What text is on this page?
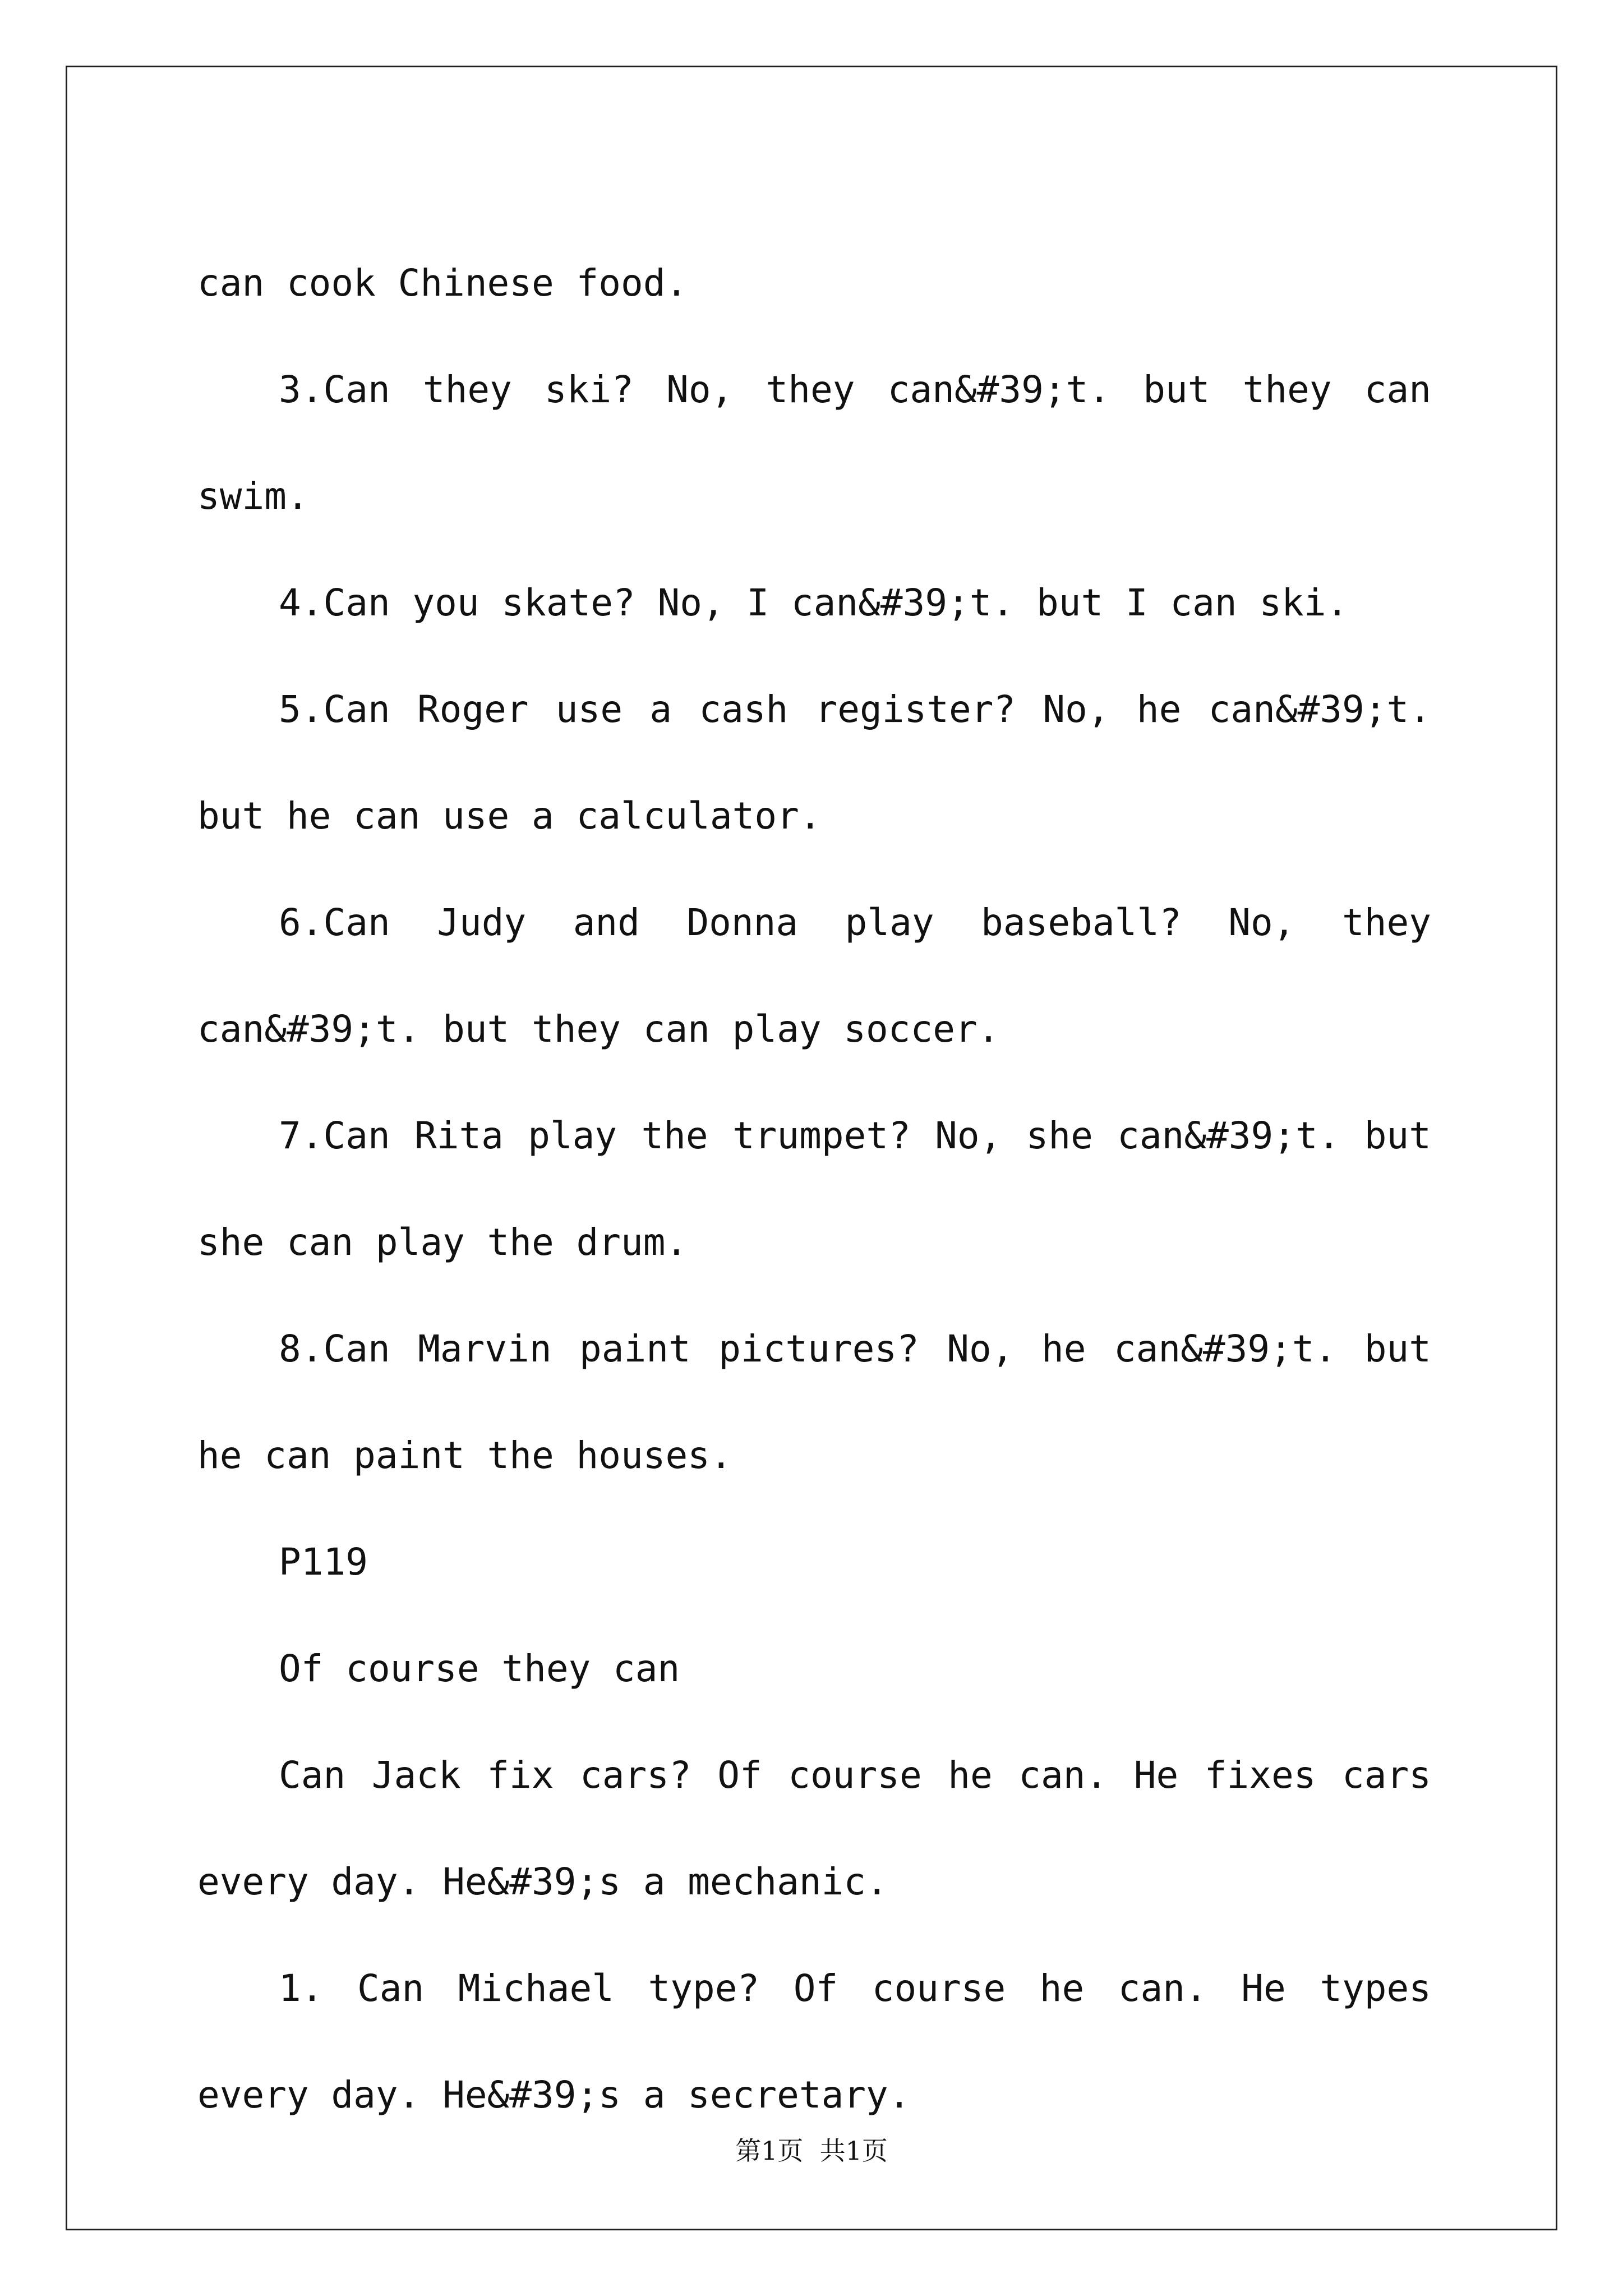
can cook Chinese food.

3.Can they ski? No, they can&#39;t. but they can swim.

4.Can you skate? No, I can&#39;t. but I can ski.

5.Can Roger use a cash register? No, he can&#39;t. but he can use a calculator.

6.Can Judy and Donna play baseball? No, they can&#39;t. but they can play soccer.

7.Can Rita play the trumpet? No, she can&#39;t. but she can play the drum.

8.Can Marvin paint pictures? No, he can&#39;t. but he can paint the houses.

P119

Of course they can

Can Jack fix cars? Of course he can. He fixes cars every day. He&#39;s a mechanic.

1. Can Michael type? Of course he can. He types every day. He&#39;s a secretary.

第1页  共1页
